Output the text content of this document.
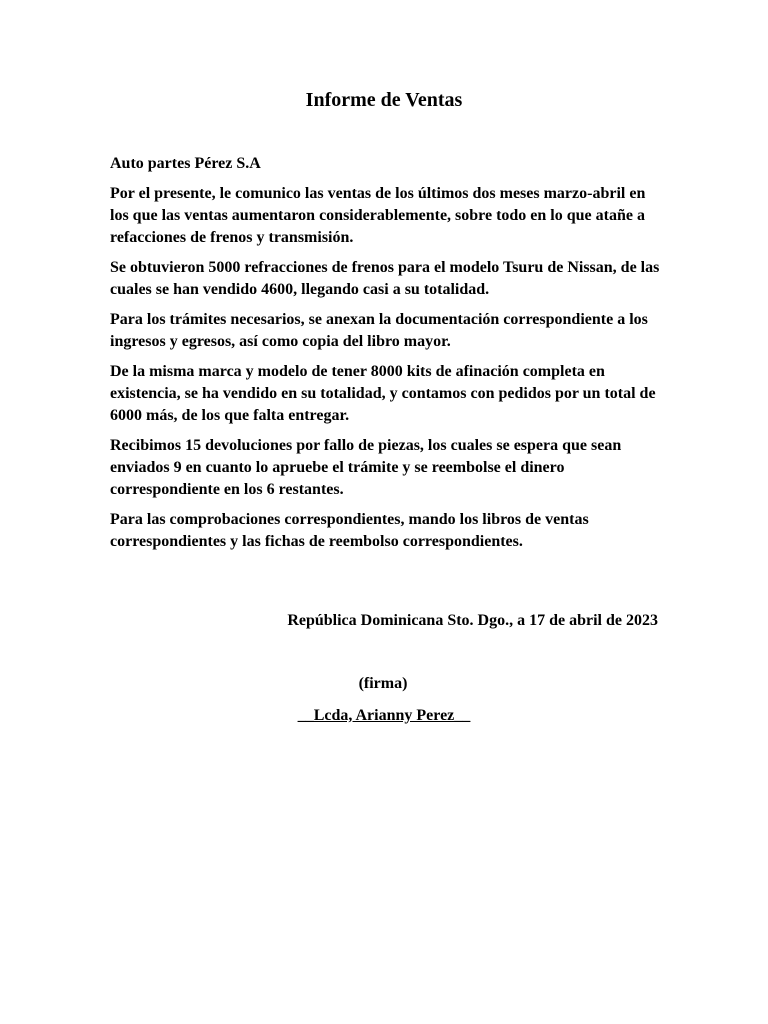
Informe de Ventas

Auto partes Pérez S.A

Por el presente, le comunico las ventas de los últimos dos meses marzo-abril en los que las ventas aumentaron considerablemente, sobre todo en lo que atañe a refacciones de frenos y transmisión.

Se obtuvieron 5000 refracciones de frenos para el modelo Tsuru de Nissan, de las cuales se han vendido 4600, llegando casi a su totalidad.

Para los trámites necesarios, se anexan la documentación correspondiente a los ingresos y egresos, así como copia del libro mayor.

De la misma marca y modelo de tener 8000 kits de afinación completa en existencia, se ha vendido en su totalidad, y contamos con pedidos por un total de 6000 más, de los que falta entregar.

Recibimos 15 devoluciones por fallo de piezas, los cuales se espera que sean enviados 9 en cuanto lo apruebe el trámite y se reembolse el dinero correspondiente en los 6 restantes.

Para las comprobaciones correspondientes, mando los libros de ventas correspondientes y las fichas de reembolso correspondientes.

República Dominicana Sto. Dgo., a 17 de abril de 2023

(firma)

__Lcda, Arianny Perez__
